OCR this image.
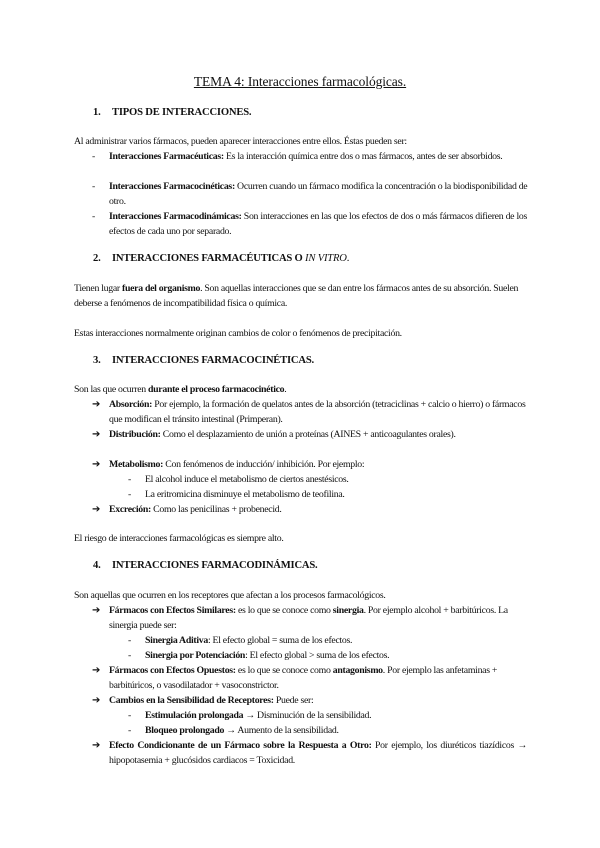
TEMA 4: Interacciones farmacológicas.
1. TIPOS DE INTERACCIONES.
Al administrar varios fármacos, pueden aparecer interacciones entre ellos. Éstas pueden ser:
- Interacciones Farmacéuticas: Es la interacción química entre dos o mas fármacos, antes de ser absorbidos.
- Interacciones Farmacocinéticas: Ocurren cuando un fármaco modifica la concentración o la biodisponibilidad de otro.
- Interacciones Farmacodinámicas: Son interacciones en las que los efectos de dos o más fármacos difieren de los efectos de cada uno por separado.
2. INTERACCIONES FARMACÉUTICAS O IN VITRO.
Tienen lugar fuera del organismo. Son aquellas interacciones que se dan entre los fármacos antes de su absorción. Suelen deberse a fenómenos de incompatibilidad física o química.
Estas interacciones normalmente originan cambios de color o fenómenos de precipitación.
3. INTERACCIONES FARMACOCINÉTICAS.
Son las que ocurren durante el proceso farmacocinético.
➔ Absorción: Por ejemplo, la formación de quelatos antes de la absorción (tetraciclinas + calcio o hierro) o fármacos que modifican el tránsito intestinal (Primperan).
➔ Distribución: Como el desplazamiento de unión a proteínas (AINES + anticoagulantes orales).
➔ Metabolismo: Con fenómenos de inducción/ inhibición. Por ejemplo:
- El alcohol induce el metabolismo de ciertos anestésicos.
- La eritromicina disminuye el metabolismo de teofilina.
➔ Excreción: Como las penicilinas + probenecid.
El riesgo de interacciones farmacológicas es siempre alto.
4. INTERACCIONES FARMACODINÁMICAS.
Son aquellas que ocurren en los receptores que afectan a los procesos farmacológicos.
➔ Fármacos con Efectos Similares: es lo que se conoce como sinergia. Por ejemplo alcohol + barbitúricos. La sinergia puede ser:
- Sinergia Aditiva: El efecto global = suma de los efectos.
- Sinergia por Potenciación: El efecto global > suma de los efectos.
➔ Fármacos con Efectos Opuestos: es lo que se conoce como antagonismo. Por ejemplo las anfetaminas + barbitúricos, o vasodilatador + vasoconstrictor.
➔ Cambios en la Sensibilidad de Receptores: Puede ser:
- Estimulación prolongada → Disminución de la sensibilidad.
- Bloqueo prolongado → Aumento de la sensibilidad.
➔ Efecto Condicionante de un Fármaco sobre la Respuesta a Otro: Por ejemplo, los diuréticos tiazídicos → hipopotasemia + glucósidos cardiacos = Toxicidad.
